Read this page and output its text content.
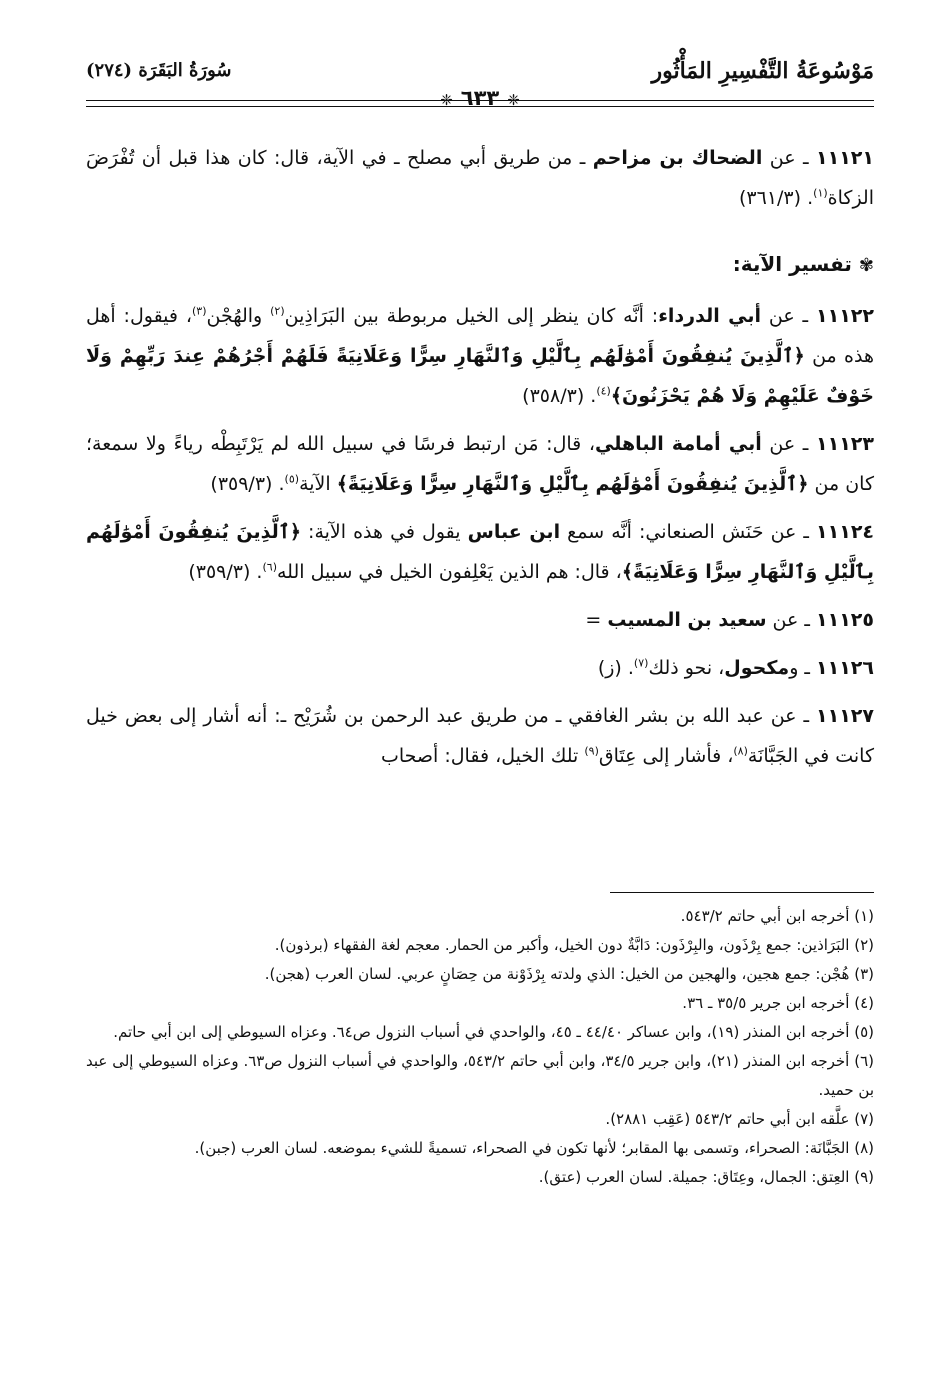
مَوْسُوعَةُ التَّفْسِيرِ المَأْثُور
❈٦٣٣❈
سُورَةُ البَقَرَة (٢٧٤)

١١١٢١ ـ عن الضحاك بن مزاحم ـ من طريق أبي مصلح ـ في الآية، قال: كان هذا قبل أن تُفْرَضَ الزكاة$^{(١)}$. (٣٦١/٣)

✾ تفسير الآية:

١١١٢٢ ـ عن أبي الدرداء: أنَّه كان ينظر إلى الخيل مربوطة بين البَرَاذِين$^{(٢)}$ والهُجْن$^{(٣)}$، فيقول: أهل هذه من ﴿ٱلَّذِينَ يُنفِقُونَ أَمْوَٰلَهُم بِٱلَّيْلِ وَٱلنَّهَارِ سِرًّا وَعَلَانِيَةً فَلَهُمْ أَجْرُهُمْ عِندَ رَبِّهِمْ وَلَا خَوْفٌ عَلَيْهِمْ وَلَا هُمْ يَحْزَنُونَ﴾$^{(٤)}$. (٣٥٨/٣)

١١١٢٣ ـ عن أبي أمامة الباهلي، قال: مَن ارتبط فرسًا في سبيل الله لم يَرْتَبِطْه رياءً ولا سمعة؛ كان من ﴿ٱلَّذِينَ يُنفِقُونَ أَمْوَٰلَهُم بِٱلَّيْلِ وَٱلنَّهَارِ سِرًّا وَعَلَانِيَةً﴾ الآية$^{(٥)}$. (٣٥٩/٣)

١١١٢٤ ـ عن حَنَش الصنعاني: أنَّه سمع ابن عباس يقول في هذه الآية: ﴿ٱلَّذِينَ يُنفِقُونَ أَمْوَٰلَهُم بِٱلَّيْلِ وَٱلنَّهَارِ سِرًّا وَعَلَانِيَةً﴾، قال: هم الذين يَعْلِفون الخيل في سبيل الله$^{(٦)}$. (٣٥٩/٣)

١١١٢٥ ـ عن سعيد بن المسيب =

١١١٢٦ ـ ومكحول، نحو ذلك$^{(٧)}$. (ز)

١١١٢٧ ـ عن عبد الله بن بشر الغافقي ـ من طريق عبد الرحمن بن شُرَيْح ـ: أنه أشار إلى بعض خيل كانت في الجَبَّانَة$^{(٨)}$، فأشار إلى عِتَاق$^{(٩)}$ تلك الخيل، فقال: أصحاب

(١) أخرجه ابن أبي حاتم ٥٤٣/٢.

(٢) البَرَاذين: جمع بِرْذَون، والبِرْذَون: دَابَّةٌ دون الخيل، وأكبر من الحمار. معجم لغة الفقهاء (برذون).

(٣) هُجْن: جمع هجين، والهجين من الخيل: الذي ولدته بِرْذَوْنة من حِصَانٍ عربي. لسان العرب (هجن).

(٤) أخرجه ابن جرير ٣٥/٥ ـ ٣٦.

(٥) أخرجه ابن المنذر (١٩)، وابن عساكر ٤٤/٤٠ ـ ٤٥، والواحدي في أسباب النزول ص٦٤. وعزاه السيوطي إلى ابن أبي حاتم.

(٦) أخرجه ابن المنذر (٢١)، وابن جرير ٣٤/٥، وابن أبي حاتم ٥٤٣/٢، والواحدي في أسباب النزول ص٦٣. وعزاه السيوطي إلى عبد بن حميد.

(٧) علَّقه ابن أبي حاتم ٥٤٣/٢ (عَقِب ٢٨٨١).

(٨) الجَبَّانَة: الصحراء، وتسمى بها المقابر؛ لأنها تكون في الصحراء، تسميةً للشيء بموضعه. لسان العرب (جبن).

(٩) العِتق: الجمال، وعِتَاق: جميلة. لسان العرب (عتق).
